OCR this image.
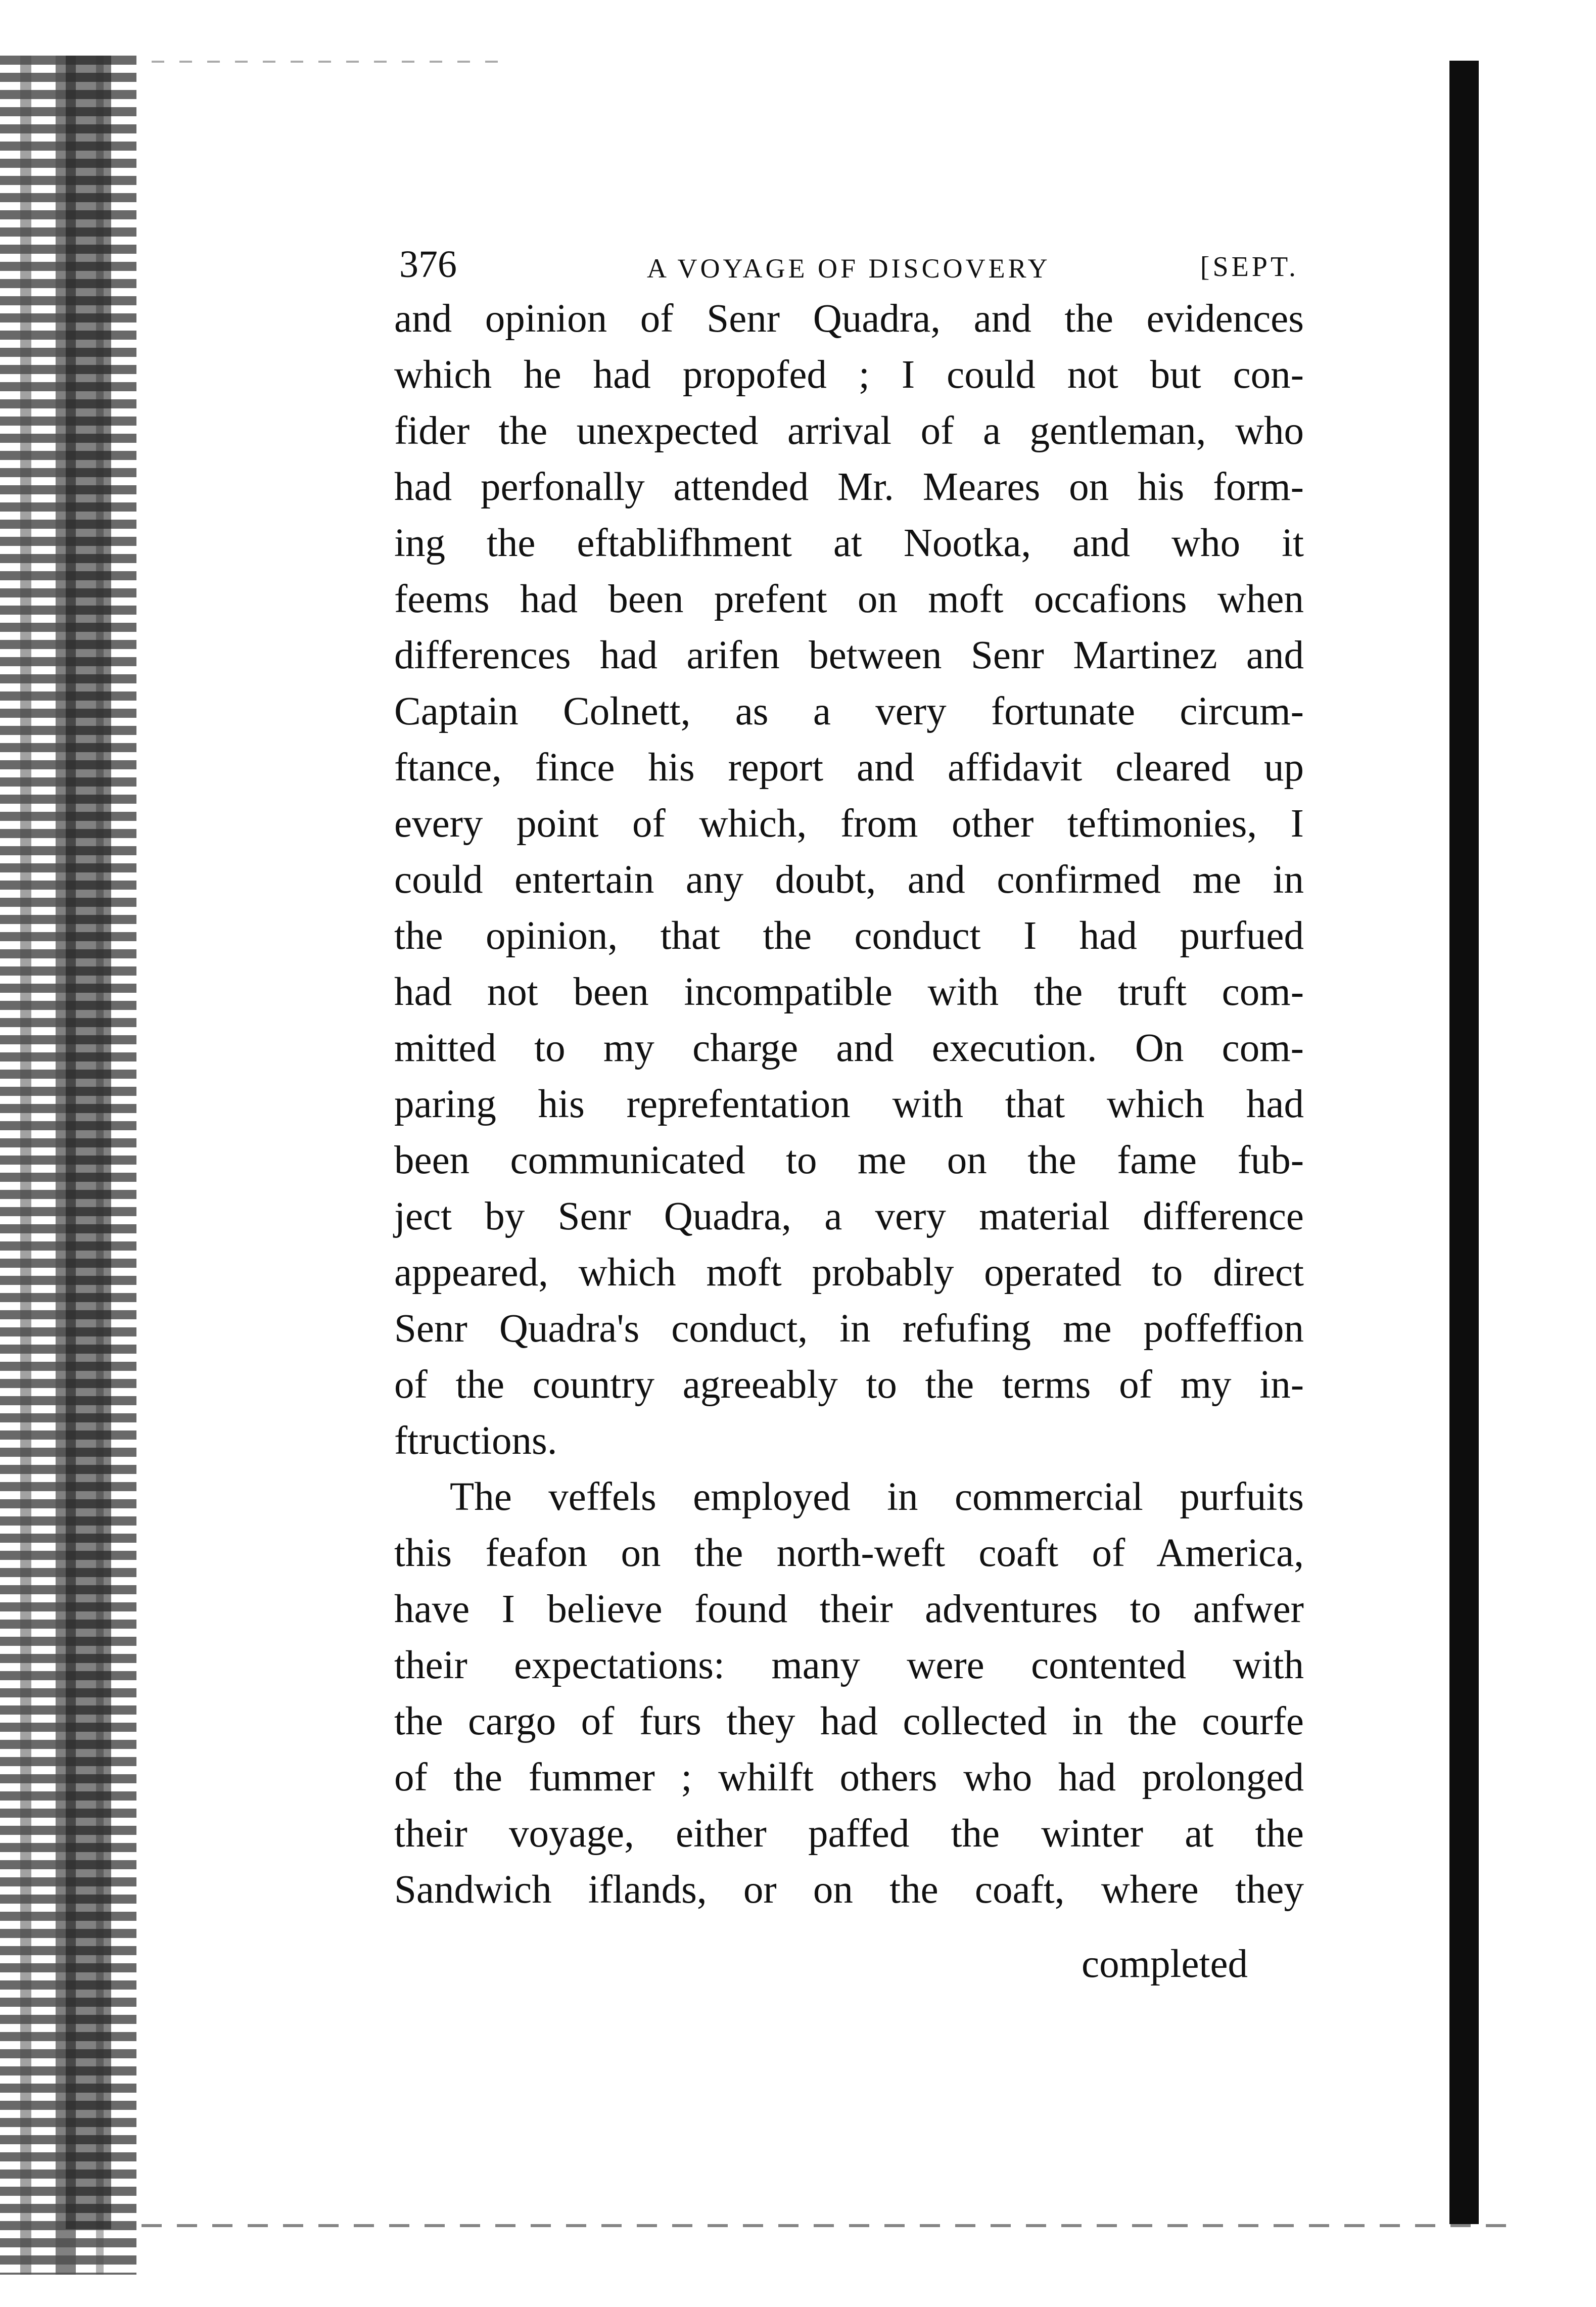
376	A VOYAGE OF DISCOVERY	[SEPT.
and opinion of Senr Quadra, and the evidences
which he had propofed ; I could not but con-
fider the unexpected arrival of a gentleman, who
had perfonally attended Mr. Meares on his form-
ing the eftablifhment at Nootka, and who it
feems had been prefent on moft occafions when
differences had arifen between Senr Martinez and
Captain Colnett, as a very fortunate circum-
ftance, fince his report and affidavit cleared up
every point of which, from other teftimonies, I
could entertain any doubt, and confirmed me in
the opinion, that the conduct I had purfued
had not been incompatible with the truft com-
mitted to my charge and execution. On com-
paring his reprefentation with that which had
been communicated to me on the fame fub-
ject by Senr Quadra, a very material difference
appeared, which moft probably operated to direct
Senr Quadra's conduct, in refufing me poffeffion
of the country agreeably to the terms of my in-
ftructions.
The veffels employed in commercial purfuits
this feafon on the north-weft coaft of America,
have I believe found their adventures to anfwer
their expectations: many were contented with
the cargo of furs they had collected in the courfe
of the fummer ; whilft others who had prolonged
their voyage, either paffed the winter at the
Sandwich iflands, or on the coaft, where they
completed
